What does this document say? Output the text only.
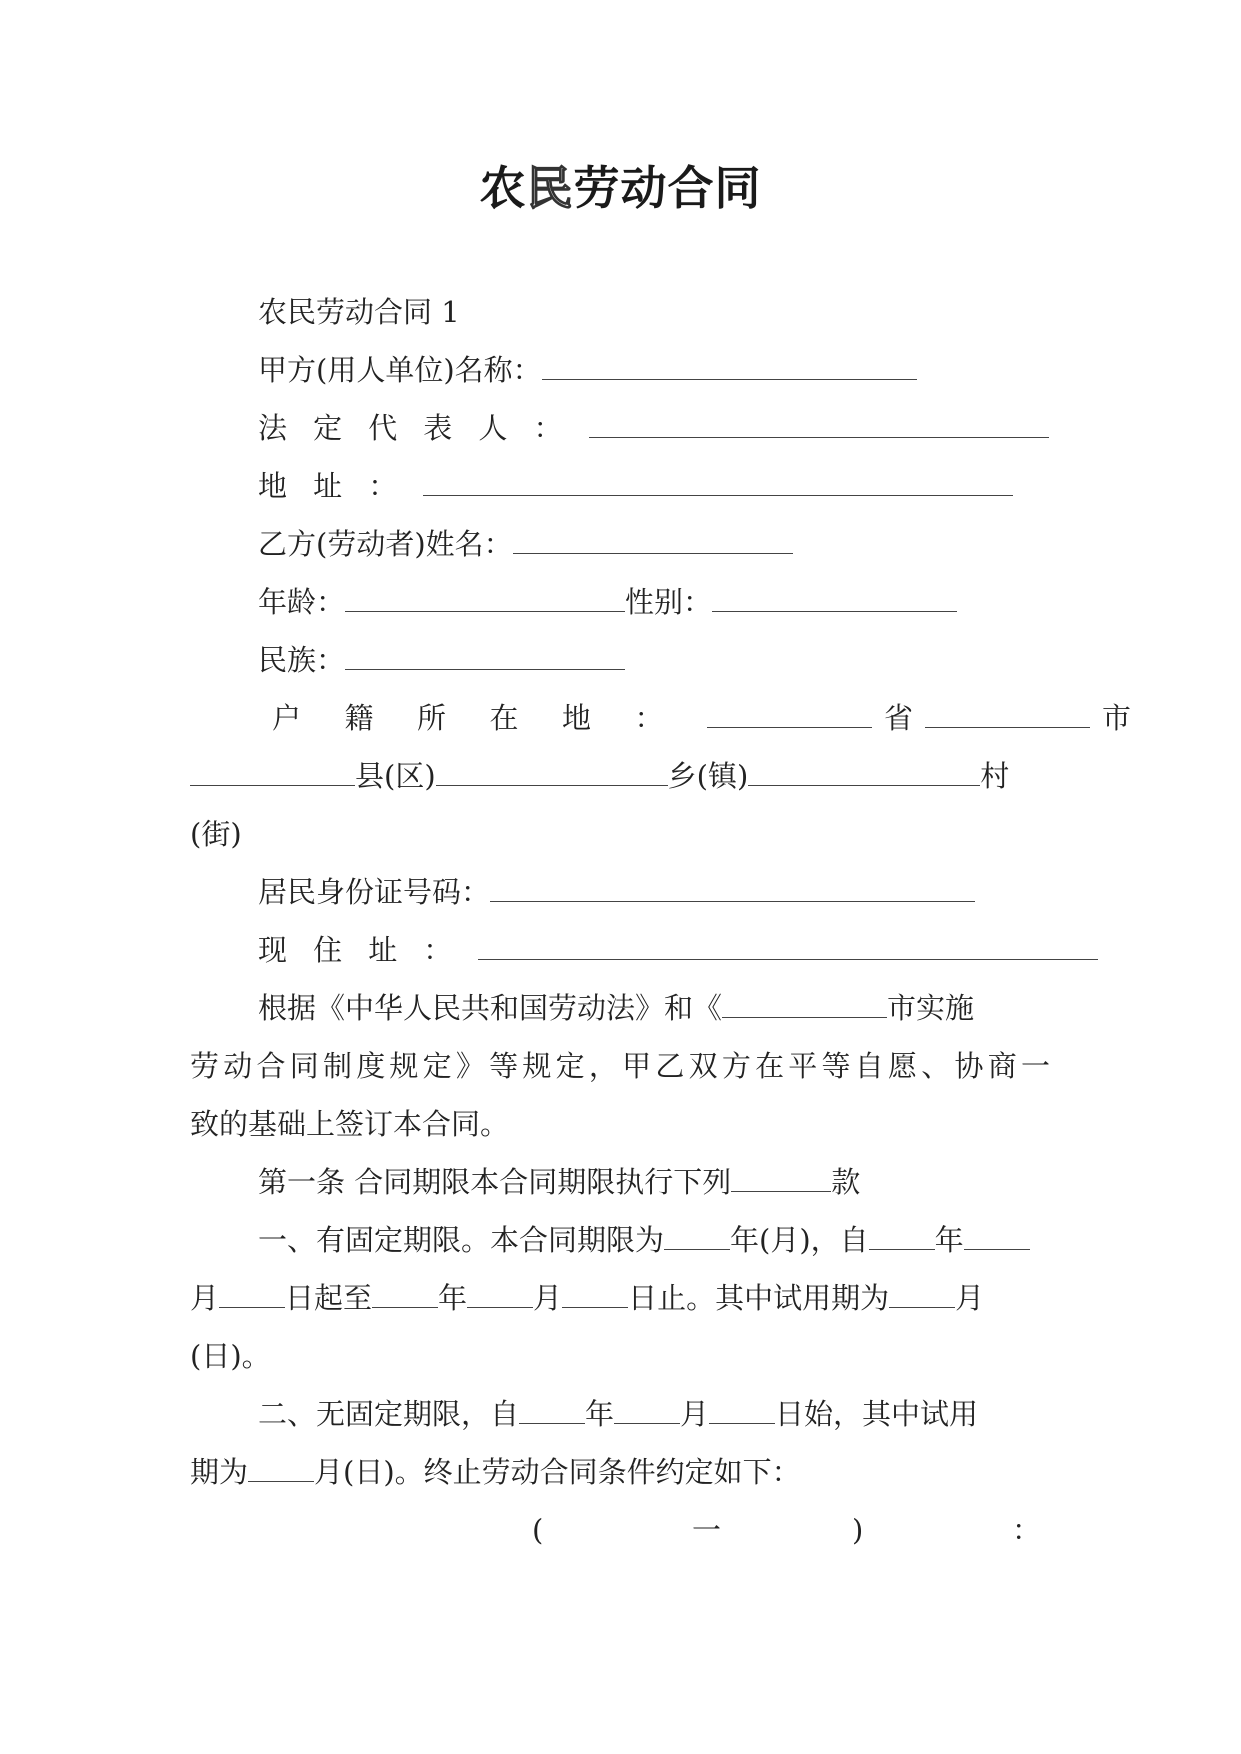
农民劳动合同

农民劳动合同 1

甲方(用人单位)名称：

法定代表人：

地址：

乙方(劳动者)姓名：

年龄：	性别：

民族：

户籍所在地：	省	市

县(区)	乡(镇)	村

(街)

居民身份证号码：

现住址：

根据《中华人民共和国劳动法》和《	市实施

劳动合同制度规定》等规定，甲乙双方在平等自愿、协商一

致的基础上签订本合同。

第一条 合同期限本合同期限执行下列	款

一、有固定期限。本合同期限为 年(月)，自 年

月 日起至 年 月 日止。其中试用期为 月

(日)。

二、无固定期限，自 年 月 日始，其中试用

期为 月(日)。终止劳动合同条件约定如下：

(	一	)	：
